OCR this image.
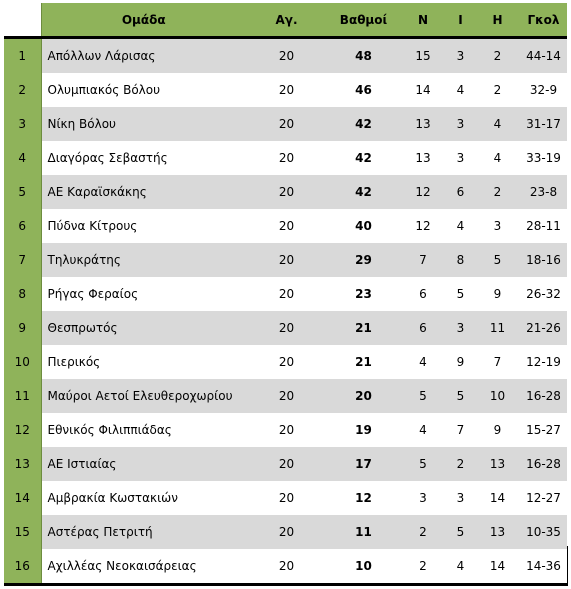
	Ομάδα	Αγ.	Βαθμοί	Ν	Ι	Η	Γκολ
1	Απόλλων Λάρισας	20	48	15	3	2	44-14
2	Ολυμπιακός Βόλου	20	46	14	4	2	32-9
3	Νίκη Βόλου	20	42	13	3	4	31-17
4	Διαγόρας Σεβαστής	20	42	13	3	4	33-19
5	ΑΕ Καραϊσκάκης	20	42	12	6	2	23-8
6	Πύδνα Κίτρους	20	40	12	4	3	28-11
7	Τηλυκράτης	20	29	7	8	5	18-16
8	Ρήγας Φεραίος	20	23	6	5	9	26-32
9	Θεσπρωτός	20	21	6	3	11	21-26
10	Πιερικός	20	21	4	9	7	12-19
11	Μαύροι Αετοί Ελευθεροχωρίου	20	20	5	5	10	16-28
12	Εθνικός Φιλιππιάδας	20	19	4	7	9	15-27
13	ΑΕ Ιστιαίας	20	17	5	2	13	16-28
14	Αμβρακία Κωστακιών	20	12	3	3	14	12-27
15	Αστέρας Πετριτή	20	11	2	5	13	10-35
16	Αχιλλέας Νεοκαισάρειας	20	10	2	4	14	14-36
